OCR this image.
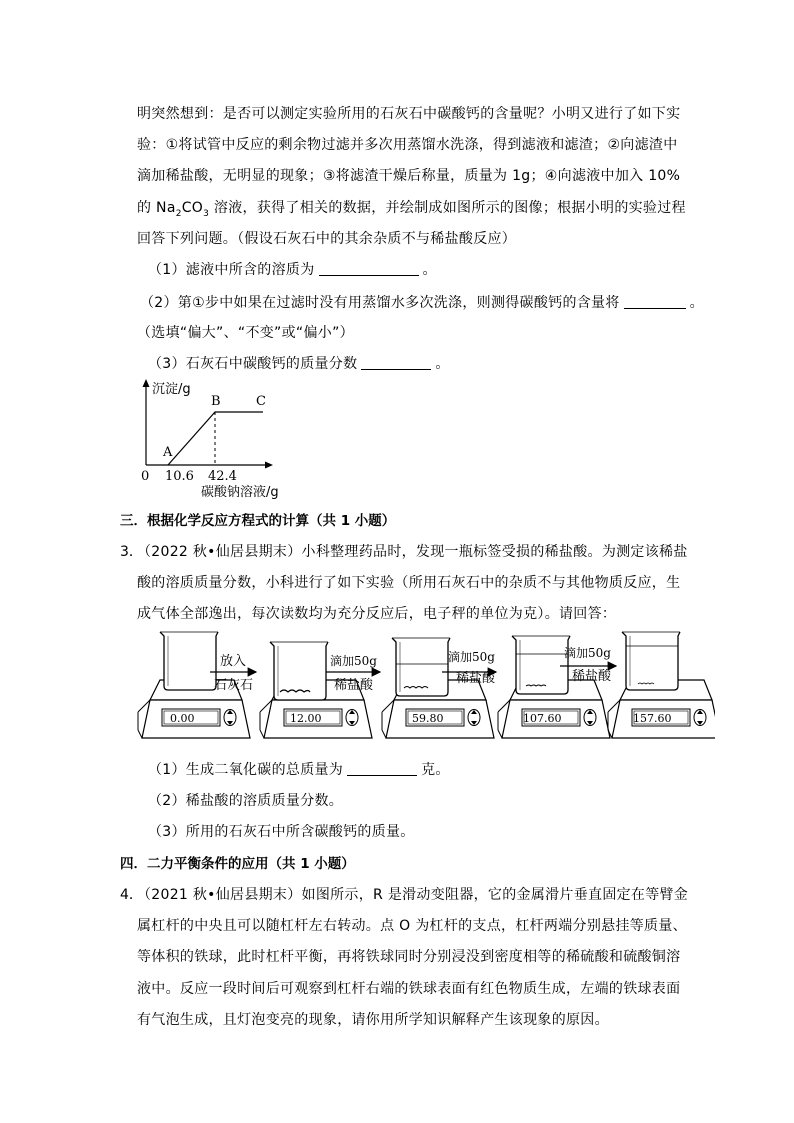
明突然想到：是否可以测定实验所用的石灰石中碳酸钙的含量呢？小明又进行了如下实
验：①将试管中反应的剩余物过滤并多次用蒸馏水洗涤，得到滤液和滤渣；②向滤渣中
滴加稀盐酸，无明显的现象；③将滤渣干燥后称量，质量为 1g；④向滤液中加入 10%
的 $Na_2CO_3$ 溶液，获得了相关的数据，并绘制成如图所示的图像；根据小明的实验过程
回答下列问题。（假设石灰石中的其余杂质不与稀盐酸反应）
（1）滤液中所含的溶质为	。
（2）第①步中如果在过滤时没有用蒸馏水多次洗涤，则测得碳酸钙的含量将	。
（选填“偏大”、“不变”或“偏小”）
（3）石灰石中碳酸钙的质量分数	。
沉淀/g
0 10.6 42.4
碳酸钠溶液/g
A
B	C
三．根据化学反应方程式的计算（共 1 小题）
3．
（2022 秋•仙居县期末）小科整理药品时，发现一瓶标签受损的稀盐酸。为测定该稀盐
酸的溶质质量分数，小科进行了如下实验（所用石灰石中的杂质不与其他物质反应，生
成气体全部逸出，每次读数均为充分反应后，电子秤的单位为克）。请回答：
0.00
放入
石灰石
12.00
滴加50g
稀盐酸
59.80
滴加50g
稀盐酸
107.60
滴加50g
稀盐酸
157.60
（1）生成二氧化碳的总质量为	克。
（2）稀盐酸的溶质质量分数。
（3）所用的石灰石中所含碳酸钙的质量。
四．二力平衡条件的应用（共 1 小题）
4．
（2021 秋•仙居县期末）如图所示，R 是滑动变阻器，它的金属滑片垂直固定在等臂金
属杠杆的中央且可以随杠杆左右转动。点 O 为杠杆的支点，杠杆两端分别悬挂等质量、
等体积的铁球，此时杠杆平衡，再将铁球同时分别浸没到密度相等的稀硫酸和硫酸铜溶
液中。反应一段时间后可观察到杠杆右端的铁球表面有红色物质生成，左端的铁球表面
有气泡生成，且灯泡变亮的现象，请你用所学知识解释产生该现象的原因。
